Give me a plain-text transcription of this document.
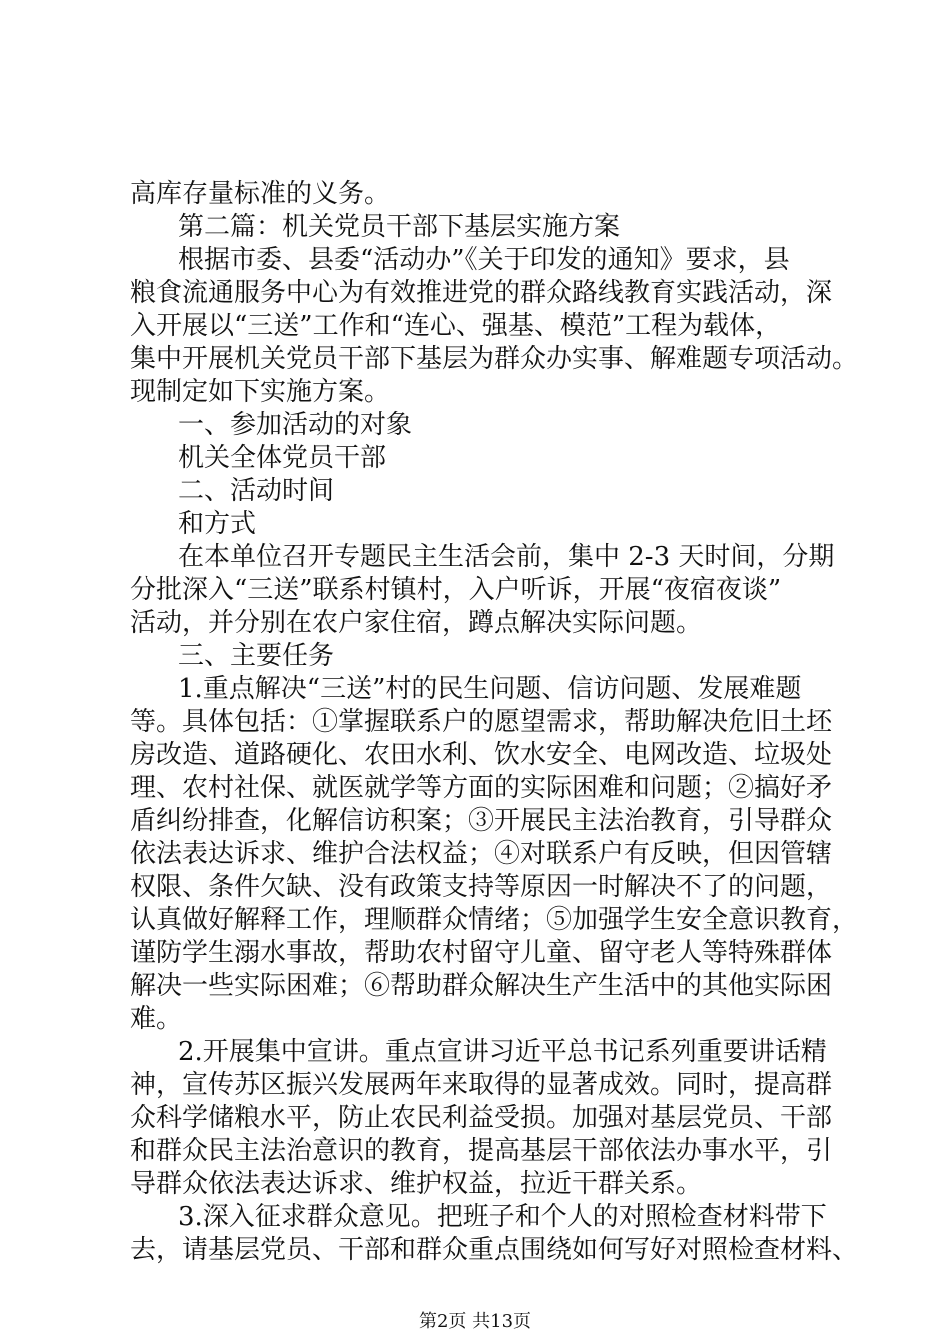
高库存量标准的义务。
第二篇：机关党员干部下基层实施方案
根据市委、县委“活动办”《关于印发的通知》要求，县
粮食流通服务中心为有效推进党的群众路线教育实践活动，深
入开展以“三送”工作和“连心、强基、模范”工程为载体，
集中开展机关党员干部下基层为群众办实事、解难题专项活动。
现制定如下实施方案。
一、参加活动的对象
机关全体党员干部
二、活动时间
和方式
在本单位召开专题民主生活会前，集中 2-3 天时间，分期
分批深入“三送”联系村镇村，入户听诉，开展“夜宿夜谈”
活动，并分别在农户家住宿，蹲点解决实际问题。
三、主要任务
1.重点解决“三送”村的民生问题、信访问题、发展难题
等。具体包括：①掌握联系户的愿望需求，帮助解决危旧土坯
房改造、道路硬化、农田水利、饮水安全、电网改造、垃圾处
理、农村社保、就医就学等方面的实际困难和问题；②搞好矛
盾纠纷排查，化解信访积案；③开展民主法治教育，引导群众
依法表达诉求、维护合法权益；④对联系户有反映，但因管辖
权限、条件欠缺、没有政策支持等原因一时解决不了的问题，
认真做好解释工作，理顺群众情绪；⑤加强学生安全意识教育，
谨防学生溺水事故，帮助农村留守儿童、留守老人等特殊群体
解决一些实际困难；⑥帮助群众解决生产生活中的其他实际困
难。
2.开展集中宣讲。重点宣讲习近平总书记系列重要讲话精
神，宣传苏区振兴发展两年来取得的显著成效。同时，提高群
众科学储粮水平，防止农民利益受损。加强对基层党员、干部
和群众民主法治意识的教育，提高基层干部依法办事水平，引
导群众依法表达诉求、维护权益，拉近干群关系。
3.深入征求群众意见。把班子和个人的对照检查材料带下
去，请基层党员、干部和群众重点围绕如何写好对照检查材料、
第2页 共13页
